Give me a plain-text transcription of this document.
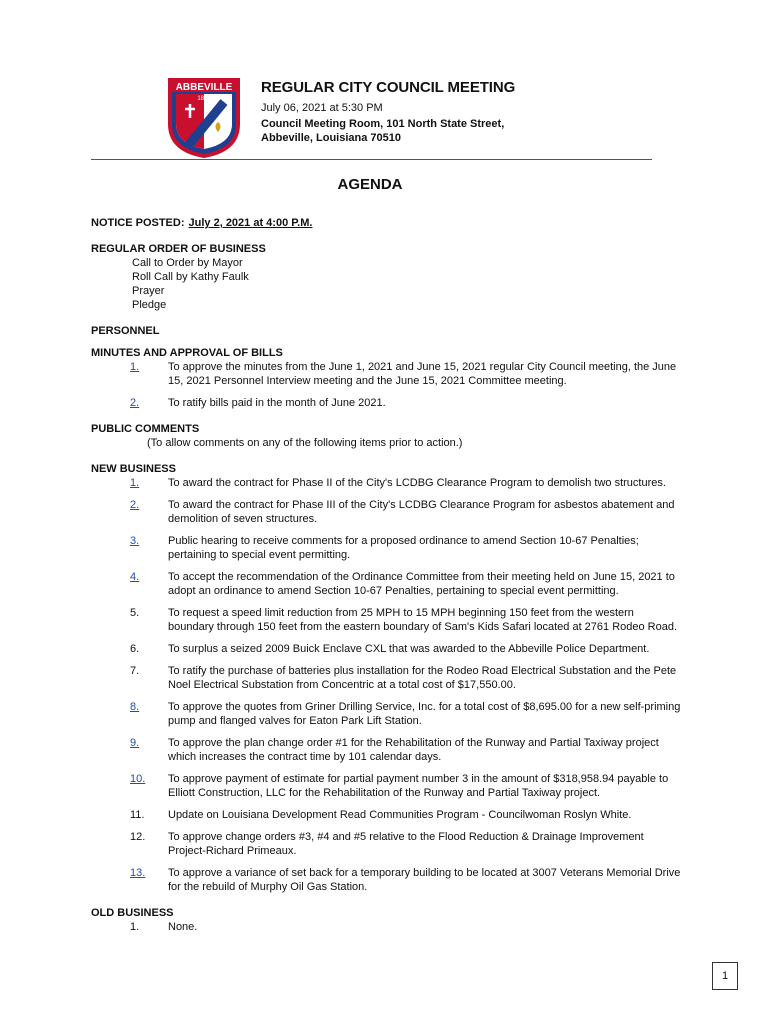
ABBEVILLE
1850
REGULAR CITY COUNCIL MEETING
July 06, 2021 at 5:30 PM
Council Meeting Room, 101 North State Street,
Abbeville, Louisiana 70510
AGENDA
NOTICE POSTED: July 2, 2021 at 4:00 P.M.
REGULAR ORDER OF BUSINESS
Call to Order by Mayor
Roll Call by Kathy Faulk
Prayer
Pledge
PERSONNEL
MINUTES AND APPROVAL OF BILLS
1.	To approve the minutes from the June 1, 2021 and June 15, 2021 regular City Council meeting, the June 15, 2021 Personnel Interview meeting and the June 15, 2021 Committee meeting.
2.	To ratify bills paid in the month of June 2021.
PUBLIC COMMENTS
(To allow comments on any of the following items prior to action.)
NEW BUSINESS
1.	To award the contract for Phase II of the City's LCDBG Clearance Program to demolish two structures.
2.	To award the contract for Phase III of the City's LCDBG Clearance Program for asbestos abatement and demolition of seven structures.
3.	Public hearing to receive comments for a proposed ordinance to amend Section 10-67 Penalties; pertaining to special event permitting.
4.	To accept the recommendation of the Ordinance Committee from their meeting held on June 15, 2021 to adopt an ordinance to amend Section 10-67 Penalties, pertaining to special event permitting.
5.	To request a speed limit reduction from 25 MPH to 15 MPH beginning 150 feet from the western boundary through 150 feet from the eastern boundary of Sam's Kids Safari located at 2761 Rodeo Road.
6.	To surplus a seized 2009 Buick Enclave CXL that was awarded to the Abbeville Police Department.
7.	To ratify the purchase of batteries plus installation for the Rodeo Road Electrical Substation and the Pete Noel Electrical Substation from Concentric at a total cost of $17,550.00.
8.	To approve the quotes from Griner Drilling Service, Inc. for a total cost of $8,695.00 for a new self-priming pump and flanged valves for Eaton Park Lift Station.
9.	To approve the plan change order #1 for the Rehabilitation of the Runway and Partial Taxiway project which increases the contract time by 101 calendar days.
10.	To approve payment of estimate for partial payment number 3 in the amount of $318,958.94 payable to Elliott Construction, LLC for the Rehabilitation of the Runway and Partial Taxiway project.
11.	Update on Louisiana Development Read Communities Program - Councilwoman Roslyn White.
12.	To approve change orders #3, #4 and #5 relative to the Flood Reduction & Drainage Improvement Project-Richard Primeaux.
13.	To approve a variance of set back for a temporary building to be located at 3007 Veterans Memorial Drive for the rebuild of Murphy Oil Gas Station.
OLD BUSINESS
1.	None.
1
